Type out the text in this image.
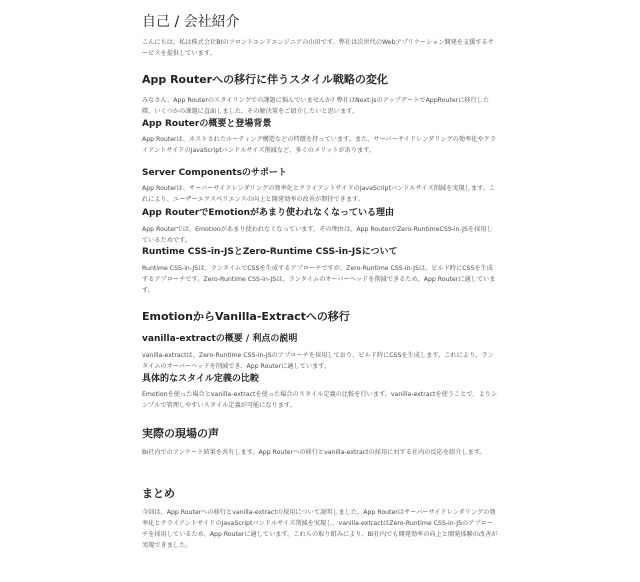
自己 / 会社紹介

こんにちは。私は株式会社BIのフロントエンドエンジニアの山田です。弊社は次世代のWebアプリケーション開発を支援するサービスを提供しています。

App Routerへの移行に伴うスタイル戦略の変化

みなさん、App Routerのスタイリングでの課題に悩んでいませんか? 弊社はNext.jsのアップデートでAppRouterに移行した際、いくつかの課題に直面しました。その解決策をご紹介したいと思います。

App Routerの概要と登場背景

App Routerは、ネストされたルーティング構造などの特徴を持っています。また、サーバーサイドレンダリングの効率化やクライアントサイドのJavaScriptバンドルサイズ削減など、多くのメリットがあります。

Server Componentsのサポート

App Routerは、サーバーサイドレンダリングの効率化とクライアントサイドのJavaScriptバンドルサイズ削減を実現します。これにより、ユーザーエクスペリエンスの向上と開発効率の改善が期待できます。

App RouterでEmotionがあまり使われなくなっている理由

App Routerでは、Emotionがあまり使われなくなっています。その理由は、App RouterがZero-RuntimeCSS-in-JSを採用しているためです。

Runtime CSS-in-JSとZero-Runtime CSS-in-JSについて

Runtime CSS-in-JSは、ランタイムでCSSを生成するアプローチですが、Zero-Runtime CSS-in-JSは、ビルド時にCSSを生成するアプローチです。Zero-Runtime CSS-in-JSは、ランタイムのオーバーヘッドを削減できるため、App Routerに適しています。

EmotionからVanilla-Extractへの移行
vanilla-extractの概要 / 利点の説明

vanilla-extractは、Zero-Runtime CSS-in-JSのアプローチを採用しており、ビルド時にCSSを生成します。これにより、ランタイムのオーバーヘッドを削減でき、App Routerに適しています。

具体的なスタイル定義の比較

Emotionを使った場合とvanilla-extractを使った場合のスタイル定義の比較を行います。vanilla-extractを使うことで、よりシンプルで管理しやすいスタイル定義が可能になります。

実際の現場の声

BI社内でのアンケート結果を共有します。App Routerへの移行とvanilla-extractの採用に対する社内の反応を紹介します。

まとめ

今回は、App Routerへの移行とvanilla-extractの採用について説明しました。App Routerはサーバーサイドレンダリングの効率化とクライアントサイドのJavaScriptバンドルサイズ削減を実現し、vanilla-extractはZero-Runtime CSS-in-JSのアプローチを採用しているため、App Routerに適しています。これらの取り組みにより、BI社内でも開発効率の向上と開発体験の改善が実現できました。
